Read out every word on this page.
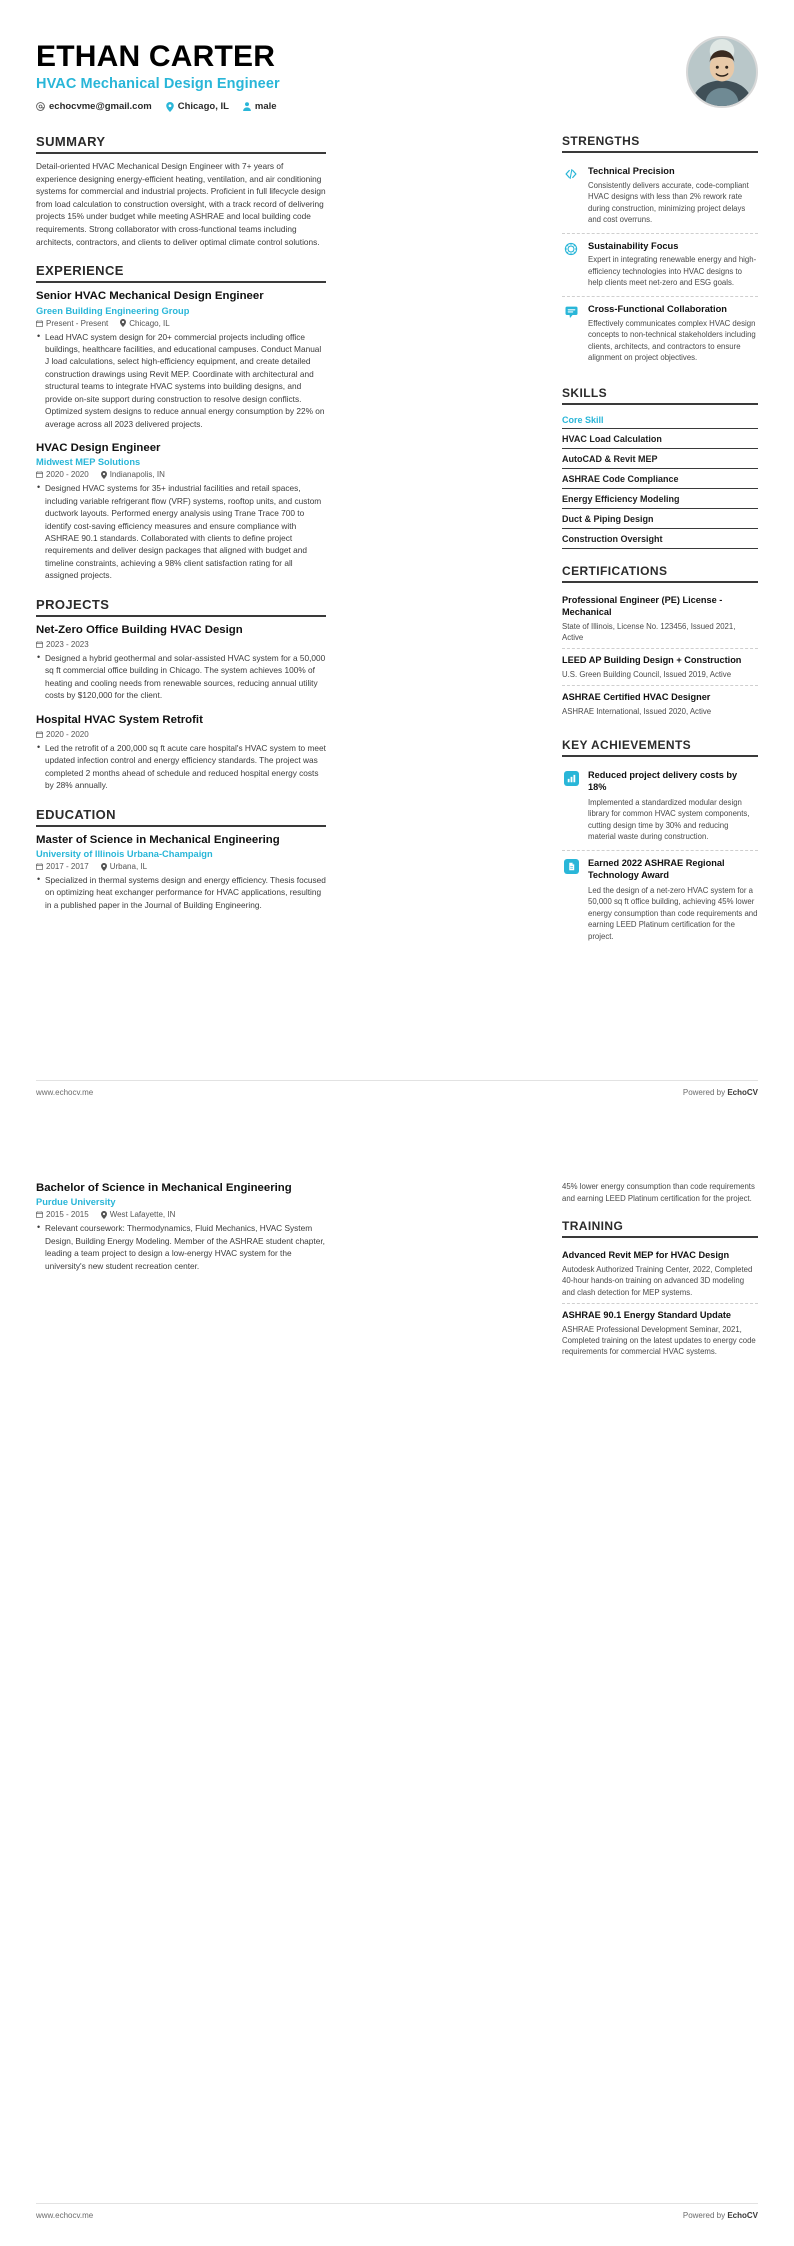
ETHAN CARTER
HVAC Mechanical Design Engineer
echocvme@gmail.com	Chicago, IL	male
SUMMARY
Detail-oriented HVAC Mechanical Design Engineer with 7+ years of experience designing energy-efficient heating, ventilation, and air conditioning systems for commercial and industrial projects. Proficient in full lifecycle design from load calculation to construction oversight, with a track record of delivering projects 15% under budget while meeting ASHRAE and local building code requirements. Strong collaborator with cross-functional teams including architects, contractors, and clients to deliver optimal climate control solutions.
EXPERIENCE
Senior HVAC Mechanical Design Engineer
Green Building Engineering Group
Present - Present	Chicago, IL
• Lead HVAC system design for 20+ commercial projects including office buildings, healthcare facilities, and educational campuses. Conduct Manual J load calculations, select high-efficiency equipment, and create detailed construction drawings using Revit MEP. Coordinate with architectural and structural teams to integrate HVAC systems into building designs, and provide on-site support during construction to resolve design conflicts. Optimized system designs to reduce annual energy consumption by 22% on average across all 2023 delivered projects.
HVAC Design Engineer
Midwest MEP Solutions
2020 - 2020	Indianapolis, IN
• Designed HVAC systems for 35+ industrial facilities and retail spaces, including variable refrigerant flow (VRF) systems, rooftop units, and custom ductwork layouts. Performed energy analysis using Trane Trace 700 to identify cost-saving efficiency measures and ensure compliance with ASHRAE 90.1 standards. Collaborated with clients to define project requirements and deliver design packages that aligned with budget and timeline constraints, achieving a 98% client satisfaction rating for all assigned projects.
PROJECTS
Net-Zero Office Building HVAC Design
2023 - 2023
• Designed a hybrid geothermal and solar-assisted HVAC system for a 50,000 sq ft commercial office building in Chicago. The system achieves 100% of heating and cooling needs from renewable sources, reducing annual utility costs by $120,000 for the client.
Hospital HVAC System Retrofit
2020 - 2020
• Led the retrofit of a 200,000 sq ft acute care hospital's HVAC system to meet updated infection control and energy efficiency standards. The project was completed 2 months ahead of schedule and reduced hospital energy costs by 28% annually.
EDUCATION
Master of Science in Mechanical Engineering
University of Illinois Urbana-Champaign
2017 - 2017	Urbana, IL
• Specialized in thermal systems design and energy efficiency. Thesis focused on optimizing heat exchanger performance for HVAC applications, resulting in a published paper in the Journal of Building Engineering.
STRENGTHS
Technical Precision
Consistently delivers accurate, code-compliant HVAC designs with less than 2% rework rate during construction, minimizing project delays and cost overruns.
Sustainability Focus
Expert in integrating renewable energy and high-efficiency technologies into HVAC designs to help clients meet net-zero and ESG goals.
Cross-Functional Collaboration
Effectively communicates complex HVAC design concepts to non-technical stakeholders including clients, architects, and contractors to ensure alignment on project objectives.
SKILLS
Core Skill
HVAC Load Calculation
AutoCAD & Revit MEP
ASHRAE Code Compliance
Energy Efficiency Modeling
Duct & Piping Design
Construction Oversight
CERTIFICATIONS
Professional Engineer (PE) License - Mechanical
State of Illinois, License No. 123456, Issued 2021, Active
LEED AP Building Design + Construction
U.S. Green Building Council, Issued 2019, Active
ASHRAE Certified HVAC Designer
ASHRAE International, Issued 2020, Active
KEY ACHIEVEMENTS
Reduced project delivery costs by 18%
Implemented a standardized modular design library for common HVAC system components, cutting design time by 30% and reducing material waste during construction.
Earned 2022 ASHRAE Regional Technology Award
Led the design of a net-zero HVAC system for a 50,000 sq ft office building, achieving 45% lower energy consumption than code requirements and earning LEED Platinum certification for the project.
www.echocv.me	Powered by EchoCV
Bachelor of Science in Mechanical Engineering
Purdue University
2015 - 2015	West Lafayette, IN
• Relevant coursework: Thermodynamics, Fluid Mechanics, HVAC System Design, Building Energy Modeling. Member of the ASHRAE student chapter, leading a team project to design a low-energy HVAC system for the university's new student recreation center.
45% lower energy consumption than code requirements and earning LEED Platinum certification for the project.
TRAINING
Advanced Revit MEP for HVAC Design
Autodesk Authorized Training Center, 2022, Completed 40-hour hands-on training on advanced 3D modeling and clash detection for MEP systems.
ASHRAE 90.1 Energy Standard Update
ASHRAE Professional Development Seminar, 2021, Completed training on the latest updates to energy code requirements for commercial HVAC systems.
www.echocv.me	Powered by EchoCV
